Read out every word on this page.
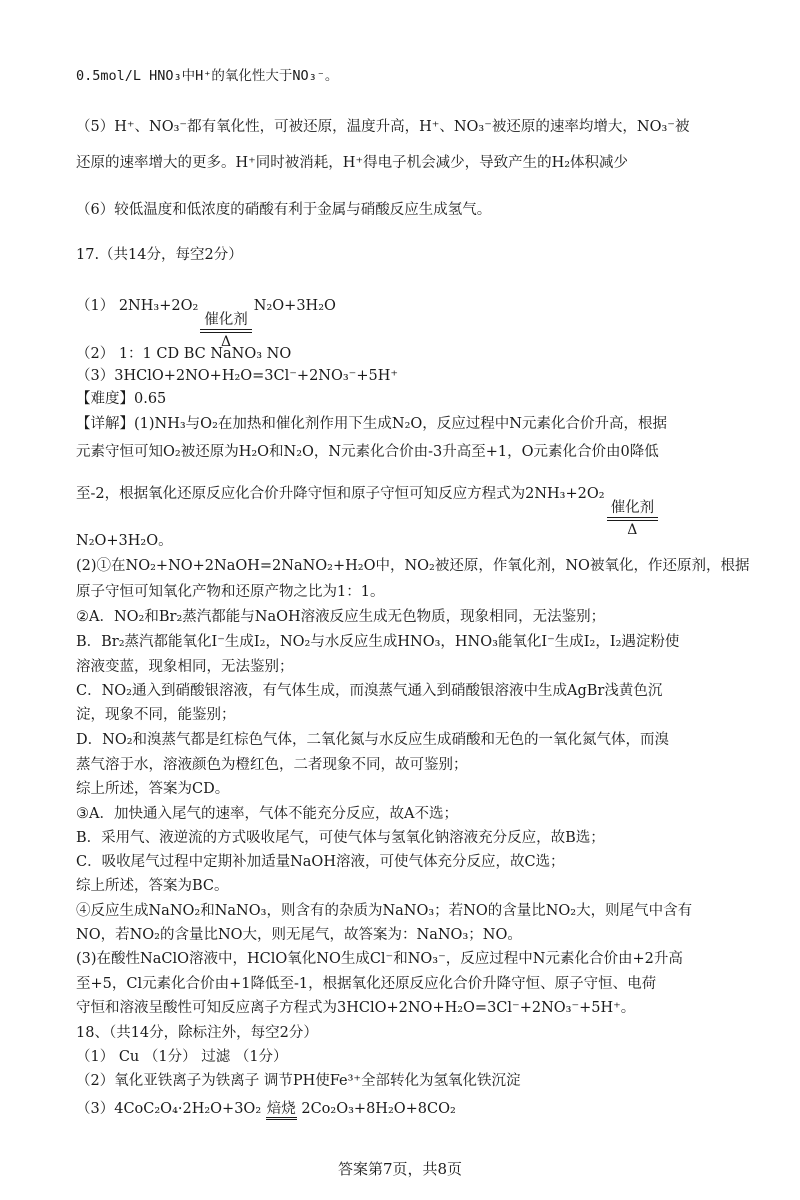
0.5mol/L HNO₃中H⁺的氧化性大于NO₃⁻。
（5）H⁺、NO₃⁻都有氧化性，可被还原，温度升高，H⁺、NO₃⁻被还原的速率均增大，NO₃⁻被
还原的速率增大的更多。H⁺同时被消耗，H⁺得电子机会减少，导致产生的H₂体积减少
（6）较低温度和低浓度的硝酸有利于金属与硝酸反应生成氢气。
17.（共14分，每空2分）
（1） 2NH₃+2O₂
催化剂
Δ
N₂O+3H₂O
（2） 1：1 CD BC NaNO₃ NO
（3）3HClO+2NO+H₂O=3Cl⁻+2NO₃⁻+5H⁺
【难度】0.65
【详解】(1)NH₃与O₂在加热和催化剂作用下生成N₂O，反应过程中N元素化合价升高，根据
元素守恒可知O₂被还原为H₂O和N₂O，N元素化合价由-3升高至+1，O元素化合价由0降低
至-2，根据氧化还原反应化合价升降守恒和原子守恒可知反应方程式为2NH₃+2O₂
催化剂
Δ
N₂O+3H₂O。
(2)①在NO₂+NO+2NaOH=2NaNO₂+H₂O中，NO₂被还原，作氧化剂，NO被氧化，作还原剂，根据
原子守恒可知氧化产物和还原产物之比为1：1。
②A．NO₂和Br₂蒸汽都能与NaOH溶液反应生成无色物质，现象相同，无法鉴别；
B．Br₂蒸汽都能氧化I⁻生成I₂，NO₂与水反应生成HNO₃，HNO₃能氧化I⁻生成I₂，I₂遇淀粉使
溶液变蓝，现象相同，无法鉴别；
C．NO₂通入到硝酸银溶液，有气体生成，而溴蒸气通入到硝酸银溶液中生成AgBr浅黄色沉
淀，现象不同，能鉴别；
D．NO₂和溴蒸气都是红棕色气体，二氧化氮与水反应生成硝酸和无色的一氧化氮气体，而溴
蒸气溶于水，溶液颜色为橙红色，二者现象不同，故可鉴别；
综上所述，答案为CD。
③A．加快通入尾气的速率，气体不能充分反应，故A不选；
B．采用气、液逆流的方式吸收尾气，可使气体与氢氧化钠溶液充分反应，故B选；
C．吸收尾气过程中定期补加适量NaOH溶液，可使气体充分反应，故C选；
综上所述，答案为BC。
④反应生成NaNO₂和NaNO₃，则含有的杂质为NaNO₃；若NO的含量比NO₂大，则尾气中含有
NO，若NO₂的含量比NO大，则无尾气，故答案为：NaNO₃；NO。
(3)在酸性NaClO溶液中，HClO氧化NO生成Cl⁻和NO₃⁻，反应过程中N元素化合价由+2升高
至+5，Cl元素化合价由+1降低至-1，根据氧化还原反应化合价升降守恒、原子守恒、电荷
守恒和溶液呈酸性可知反应离子方程式为3HClO+2NO+H₂O=3Cl⁻+2NO₃⁻+5H⁺。
18、（共14分，除标注外，每空2分）
（1） Cu （1分） 过滤 （1分）
（2）氧化亚铁离子为铁离子 调节PH使Fe³⁺全部转化为氢氧化铁沉淀
（3）4CoC₂O₄·2H₂O+3O₂ 焙烧 2Co₂O₃+8H₂O+8CO₂
答案第7页，共8页
